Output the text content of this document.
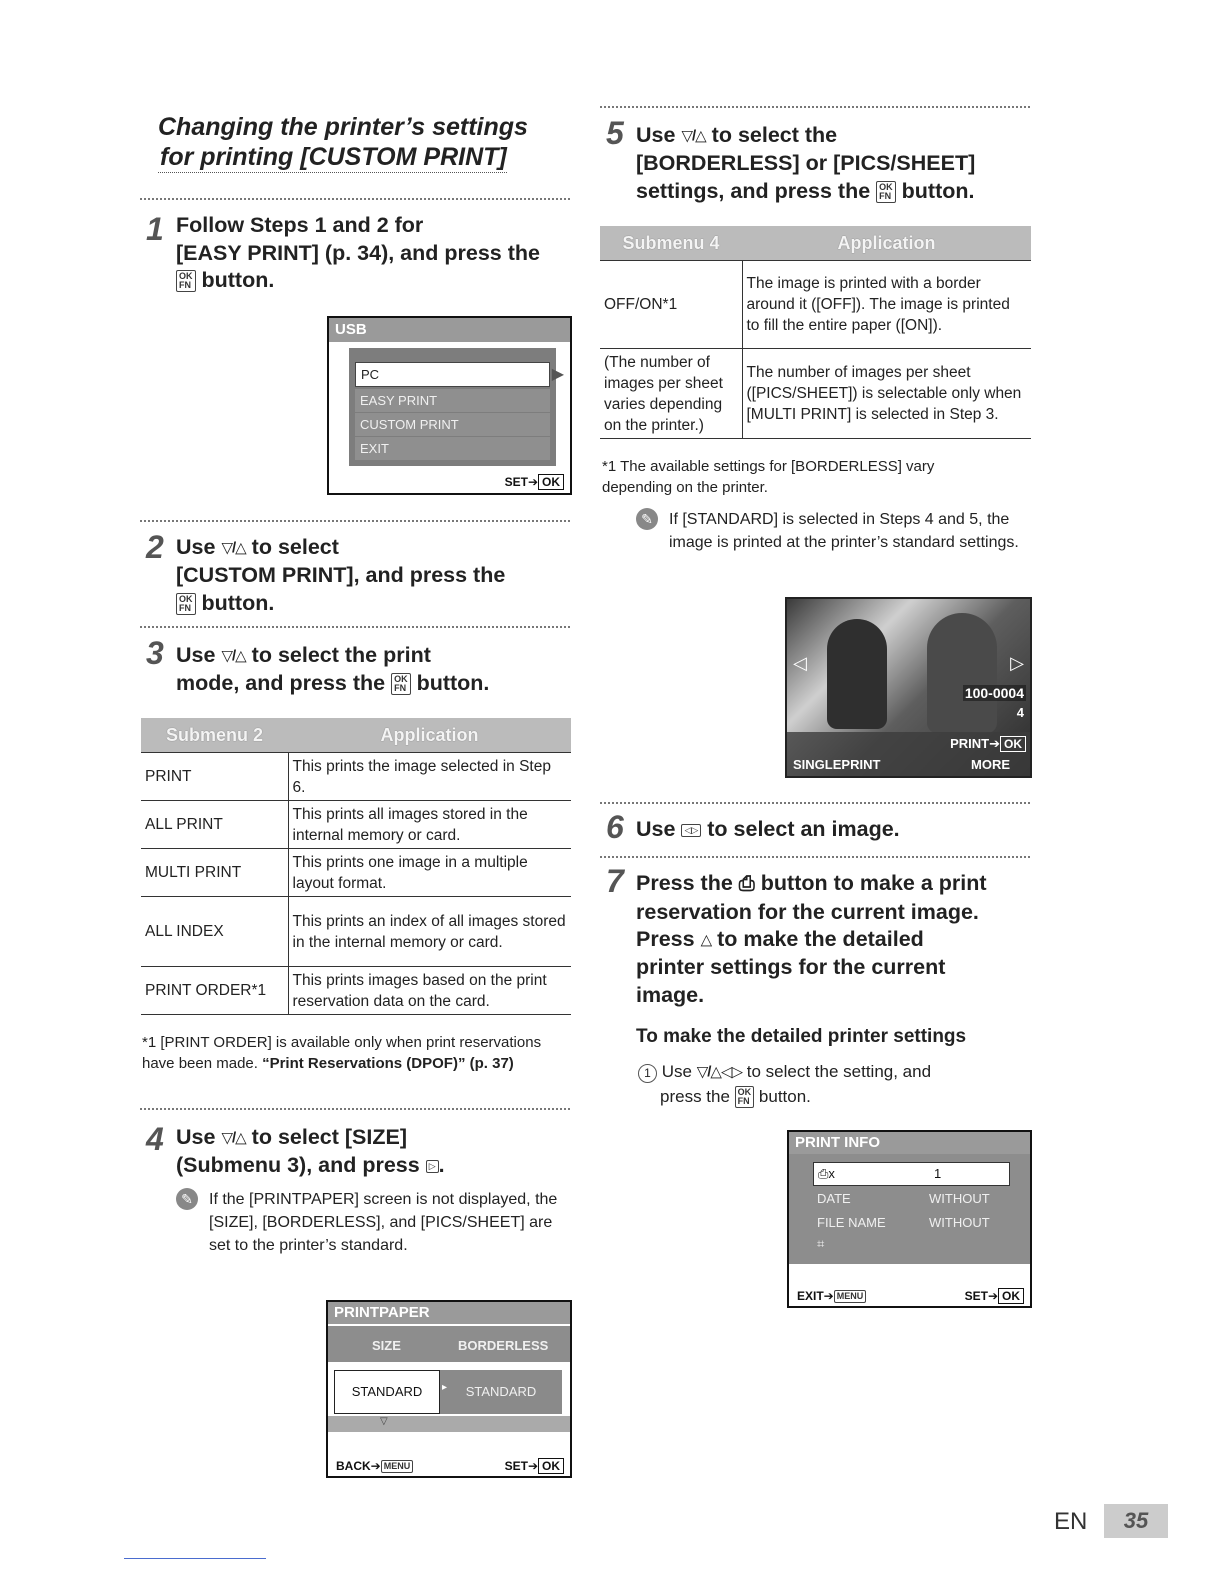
Changing the printer’s settings
for printing [CUSTOM PRINT]
1 Follow Steps 1 and 2 for
[EASY PRINT] (p. 34), and press the
OK
FN button.
USB
PC	▶
EASY PRINT
CUSTOM PRINT
EXIT
SET➔ OK
2 Use ▽/△ to select
[CUSTOM PRINT], and press the
OK
FN button.
3 Use ▽/△ to select the print
mode, and press the OK
FN button.
Submenu 2	Application
PRINT	This prints the image selected in Step 6.
ALL PRINT	This prints all images stored in the internal memory or card.
MULTI PRINT	This prints one image in a multiple layout format.
ALL INDEX	This prints an index of all images stored in the internal memory or card.
PRINT ORDER*1	This prints images based on the print reservation data on the card.
*1 [PRINT ORDER] is available only when print reservations have been made. “Print Reservations (DPOF)” (p. 37)
4 Use ▽/△ to select [SIZE]
(Submenu 3), and press ▷ .
✎	If the [PRINTPAPER] screen is not displayed, the [SIZE], [BORDERLESS], and [PICS/SHEET] are set to the printer’s standard.
PRINTPAPER
SIZE	BORDERLESS
STANDARD	STANDARD
▸
▽
BACK➔ MENU	SET➔ OK
5 Use ▽/△ to select the
[BORDERLESS] or [PICS/SHEET]
settings, and press the OK
FN button.
Submenu 4	Application
OFF/ON*1	The image is printed with a border around it ([OFF]). The image is printed to fill the entire paper ([ON]).
(The number of images per sheet varies depending on the printer.)	The number of images per sheet ([PICS/SHEET]) is selectable only when [MULTI PRINT] is selected in Step 3.
*1 The available settings for [BORDERLESS] vary depending on the printer.
✎	If [STANDARD] is selected in Steps 4 and 5, the image is printed at the printer’s standard settings.
◁	▷
100-0004
4
PRINT➔ OK
SINGLEPRINT	MORE
6 Use ◁▷ to select an image.
7 Press the ⎙ button to make a print
reservation for the current image.
Press △ to make the detailed
printer settings for the current
image.
To make the detailed printer settings
1 Use ▽/△◁▷ to select the setting, and
press the OK
FN button.
PRINT INFO
⎙x	1
DATE	WITHOUT
FILE NAME	WITHOUT
⌗
EXIT➔ MENU	SET➔ OK
EN	35
